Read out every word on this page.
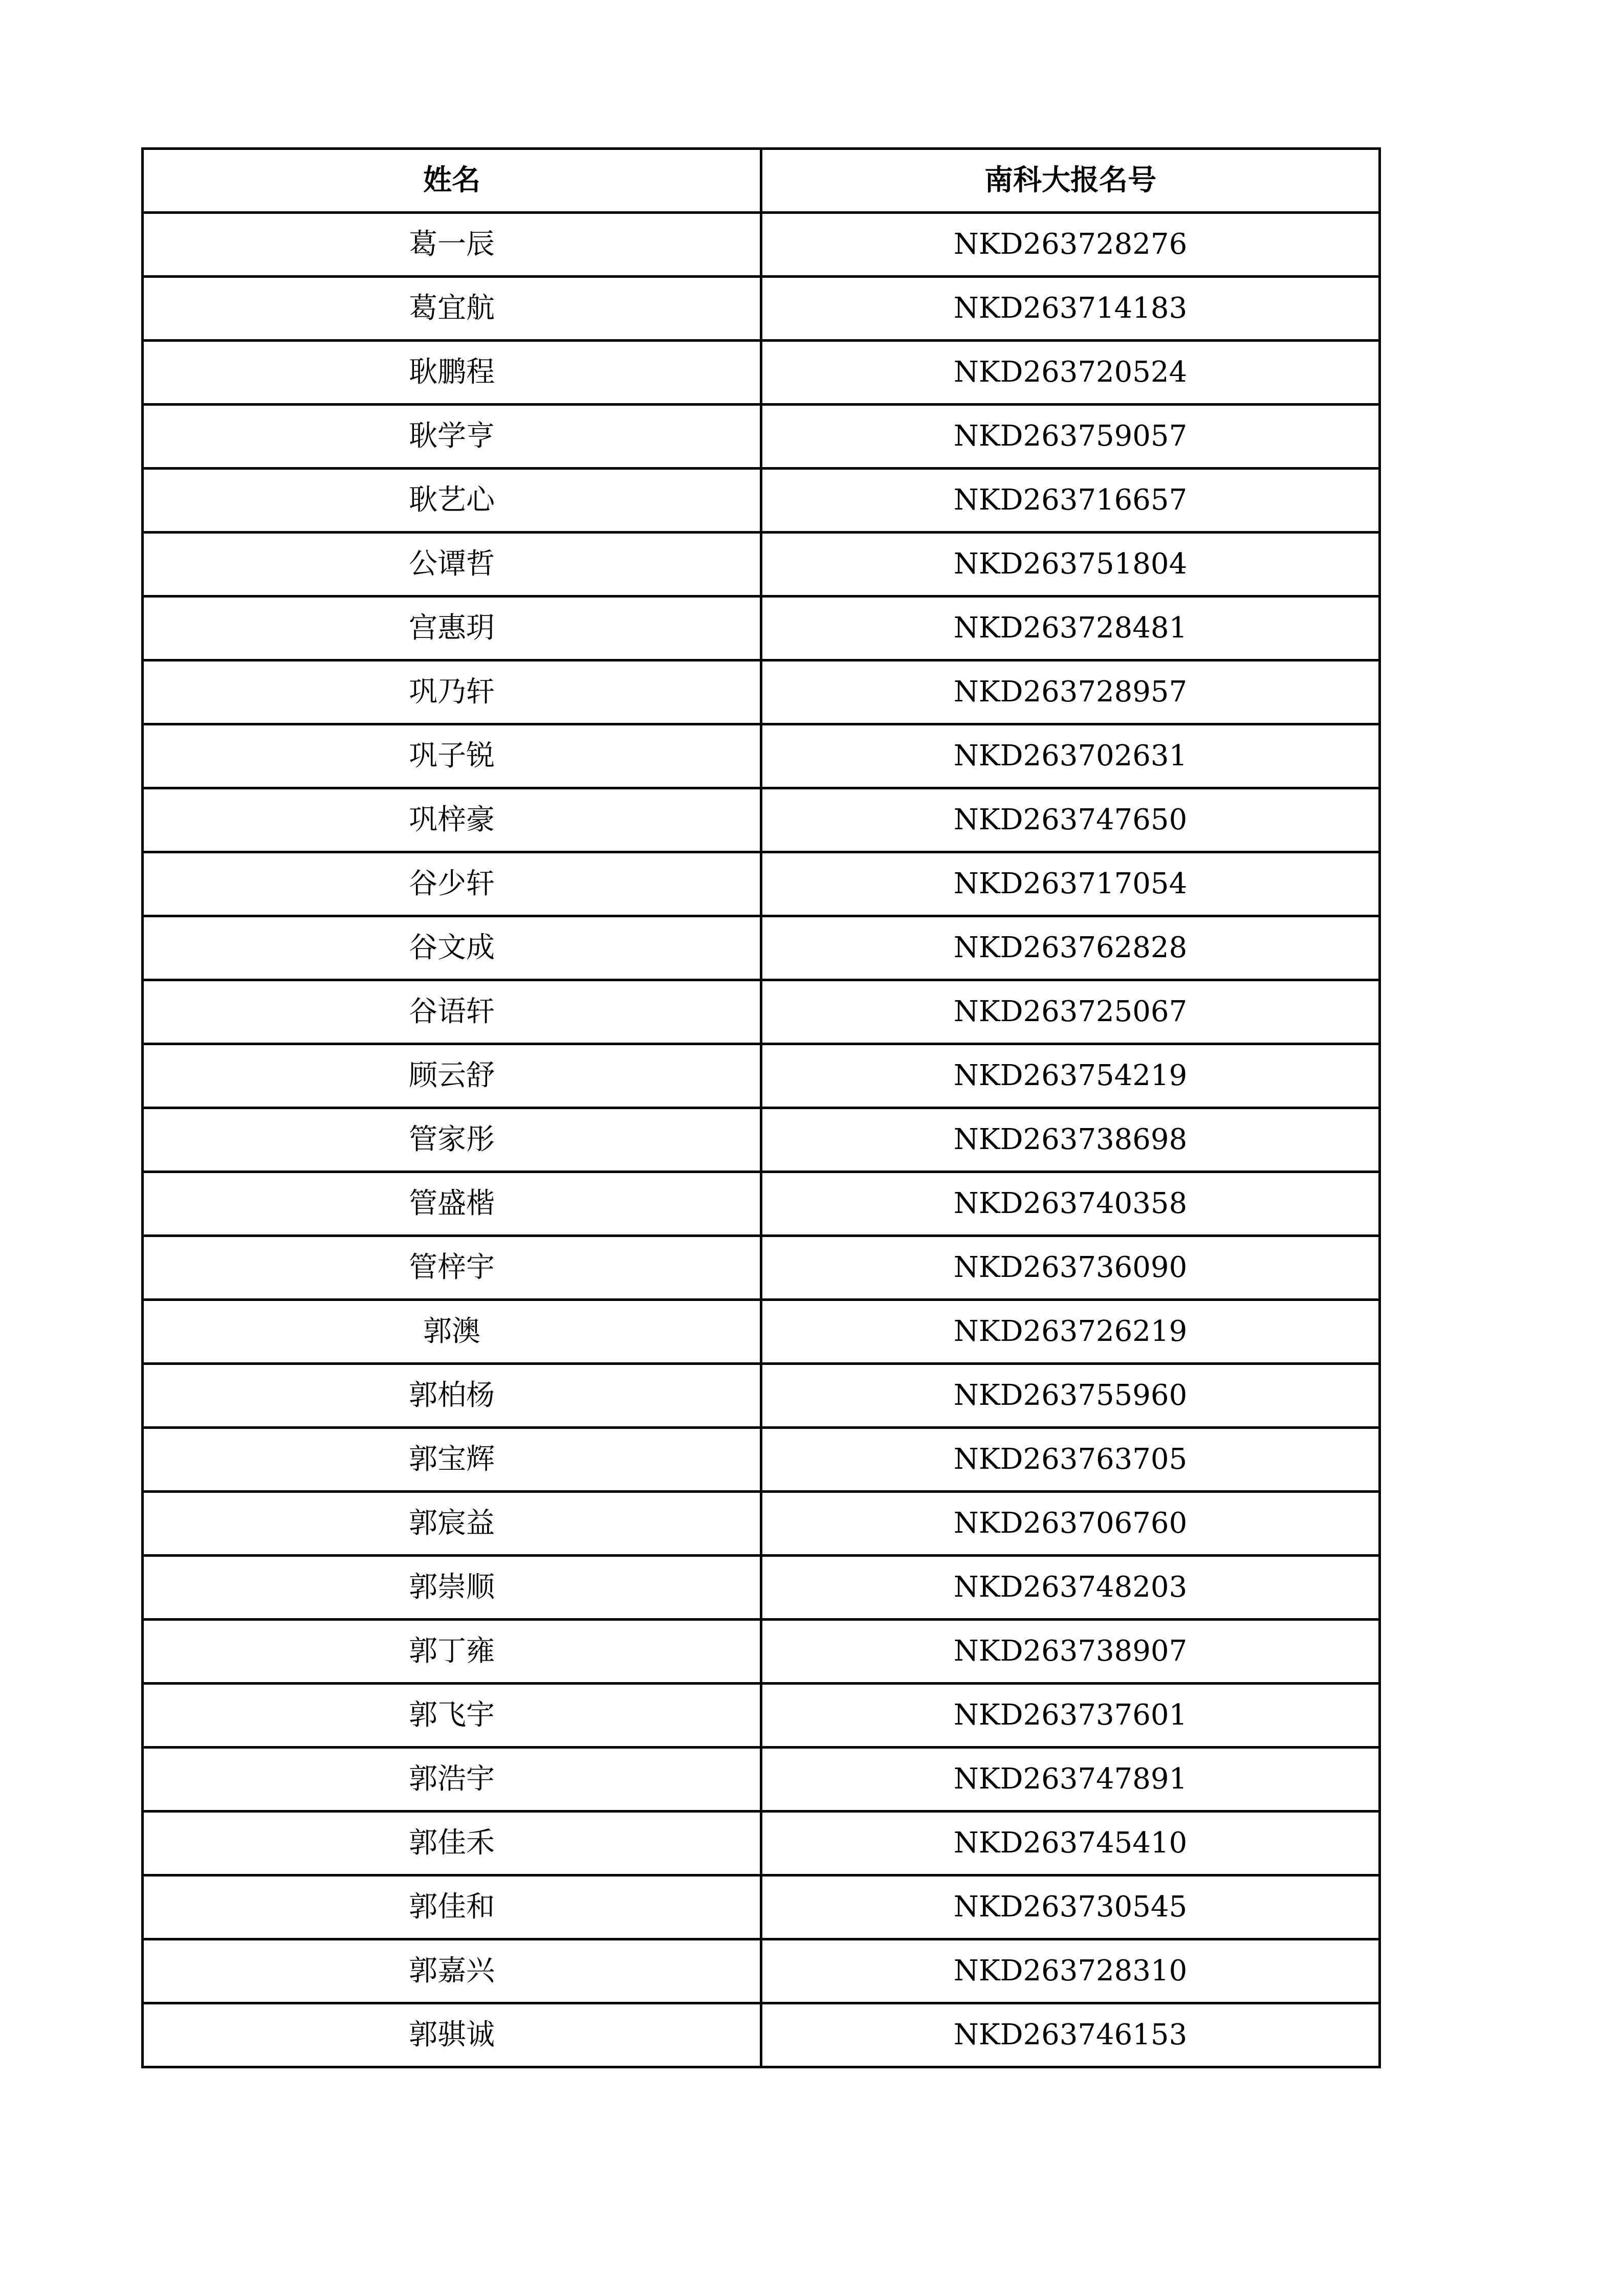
姓名	南科大报名号
葛一辰	NKD263728276
葛宜航	NKD263714183
耿鹏程	NKD263720524
耿学亨	NKD263759057
耿艺心	NKD263716657
公谭哲	NKD263751804
宫惠玥	NKD263728481
巩乃轩	NKD263728957
巩子锐	NKD263702631
巩梓豪	NKD263747650
谷少轩	NKD263717054
谷文成	NKD263762828
谷语轩	NKD263725067
顾云舒	NKD263754219
管家彤	NKD263738698
管盛楷	NKD263740358
管梓宇	NKD263736090
郭澳	NKD263726219
郭柏杨	NKD263755960
郭宝辉	NKD263763705
郭宸益	NKD263706760
郭崇顺	NKD263748203
郭丁雍	NKD263738907
郭飞宇	NKD263737601
郭浩宇	NKD263747891
郭佳禾	NKD263745410
郭佳和	NKD263730545
郭嘉兴	NKD263728310
郭骐诚	NKD263746153
